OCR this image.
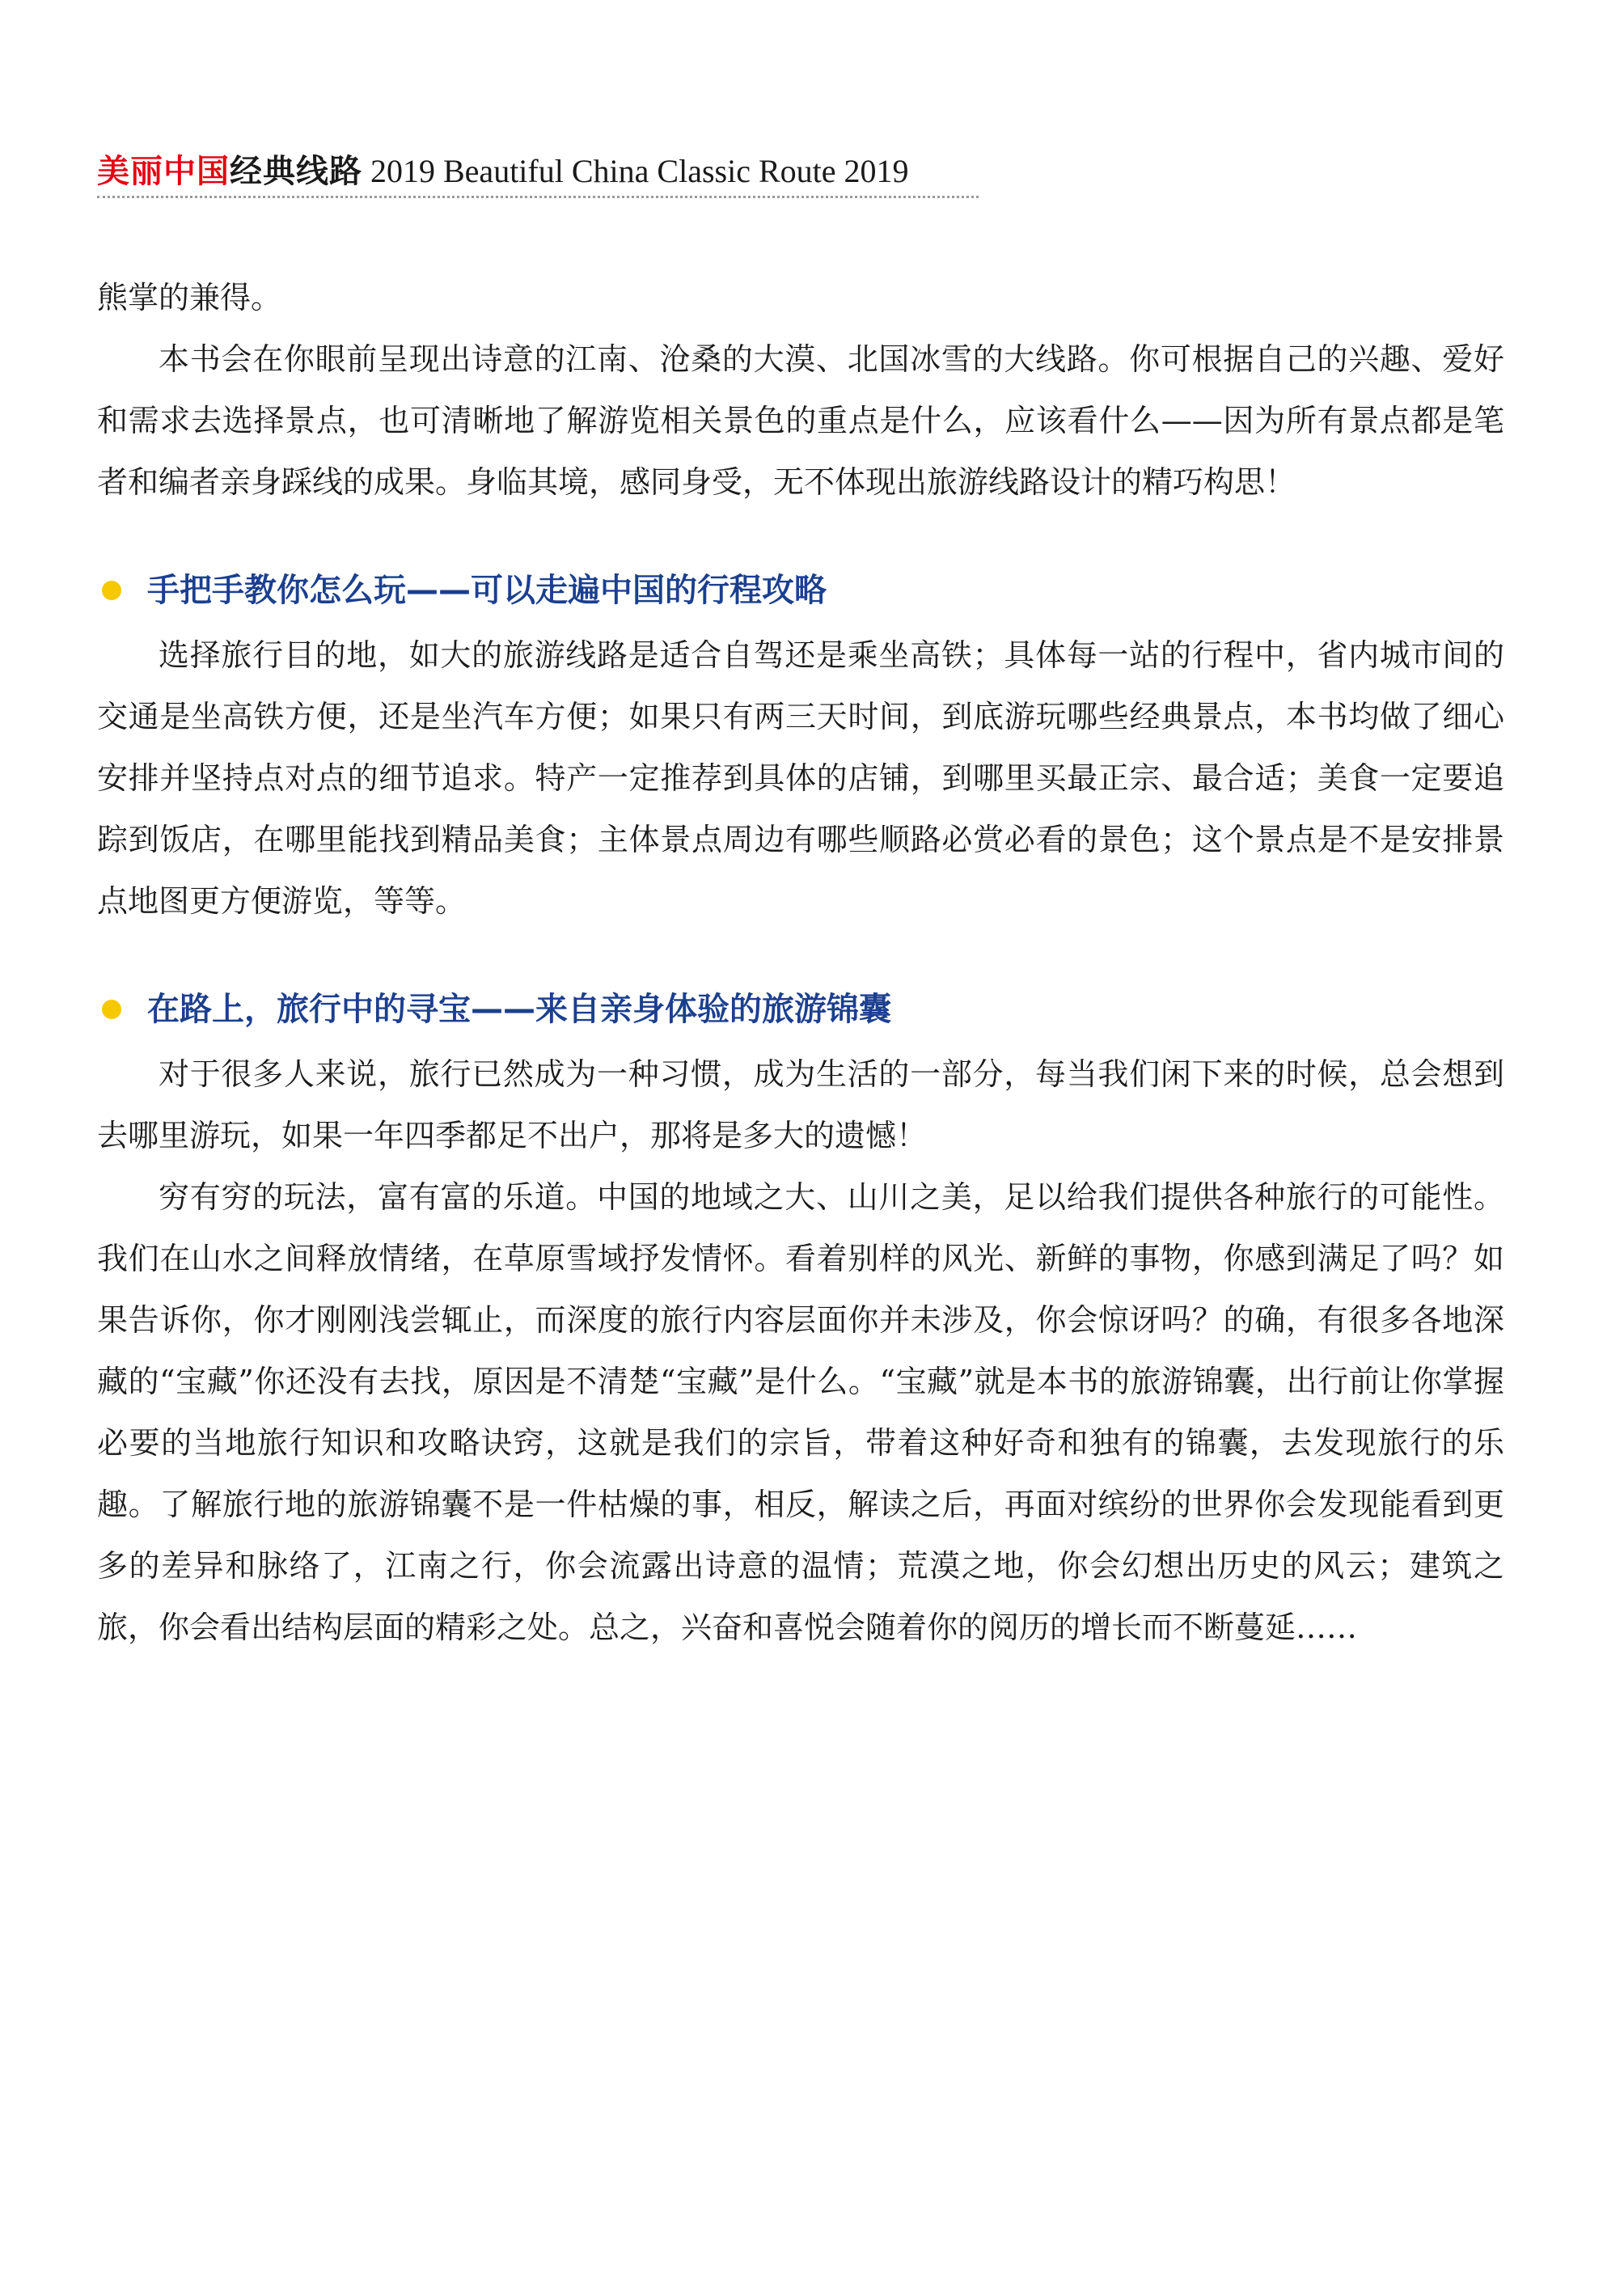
美丽中国经典线路 2019 Beautiful China Classic Route 2019

熊掌的兼得。

本书会在你眼前呈现出诗意的江南、沧桑的大漠、北国冰雪的大线路。你可根据自己的兴趣、爱好和需求去选择景点，也可清晰地了解游览相关景色的重点是什么，应该看什么——因为所有景点都是笔者和编者亲身踩线的成果。身临其境，感同身受，无不体现出旅游线路设计的精巧构思！

手把手教你怎么玩——可以走遍中国的行程攻略

选择旅行目的地，如大的旅游线路是适合自驾还是乘坐高铁；具体每一站的行程中，省内城市间的交通是坐高铁方便，还是坐汽车方便；如果只有两三天时间，到底游玩哪些经典景点，本书均做了细心安排并坚持点对点的细节追求。特产一定推荐到具体的店铺，到哪里买最正宗、最合适；美食一定要追踪到饭店，在哪里能找到精品美食；主体景点周边有哪些顺路必赏必看的景色；这个景点是不是安排景点地图更方便游览，等等。

在路上，旅行中的寻宝——来自亲身体验的旅游锦囊

对于很多人来说，旅行已然成为一种习惯，成为生活的一部分，每当我们闲下来的时候，总会想到去哪里游玩，如果一年四季都足不出户，那将是多大的遗憾！

穷有穷的玩法，富有富的乐道。中国的地域之大、山川之美，足以给我们提供各种旅行的可能性。我们在山水之间释放情绪，在草原雪域抒发情怀。看着别样的风光、新鲜的事物，你感到满足了吗？如果告诉你，你才刚刚浅尝辄止，而深度的旅行内容层面你并未涉及，你会惊讶吗？的确，有很多各地深藏的“宝藏”你还没有去找，原因是不清楚“宝藏”是什么。“宝藏”就是本书的旅游锦囊，出行前让你掌握必要的当地旅行知识和攻略诀窍，这就是我们的宗旨，带着这种好奇和独有的锦囊，去发现旅行的乐趣。了解旅行地的旅游锦囊不是一件枯燥的事，相反，解读之后，再面对缤纷的世界你会发现能看到更多的差异和脉络了，江南之行，你会流露出诗意的温情；荒漠之地，你会幻想出历史的风云；建筑之旅，你会看出结构层面的精彩之处。总之，兴奋和喜悦会随着你的阅历的增长而不断蔓延……
